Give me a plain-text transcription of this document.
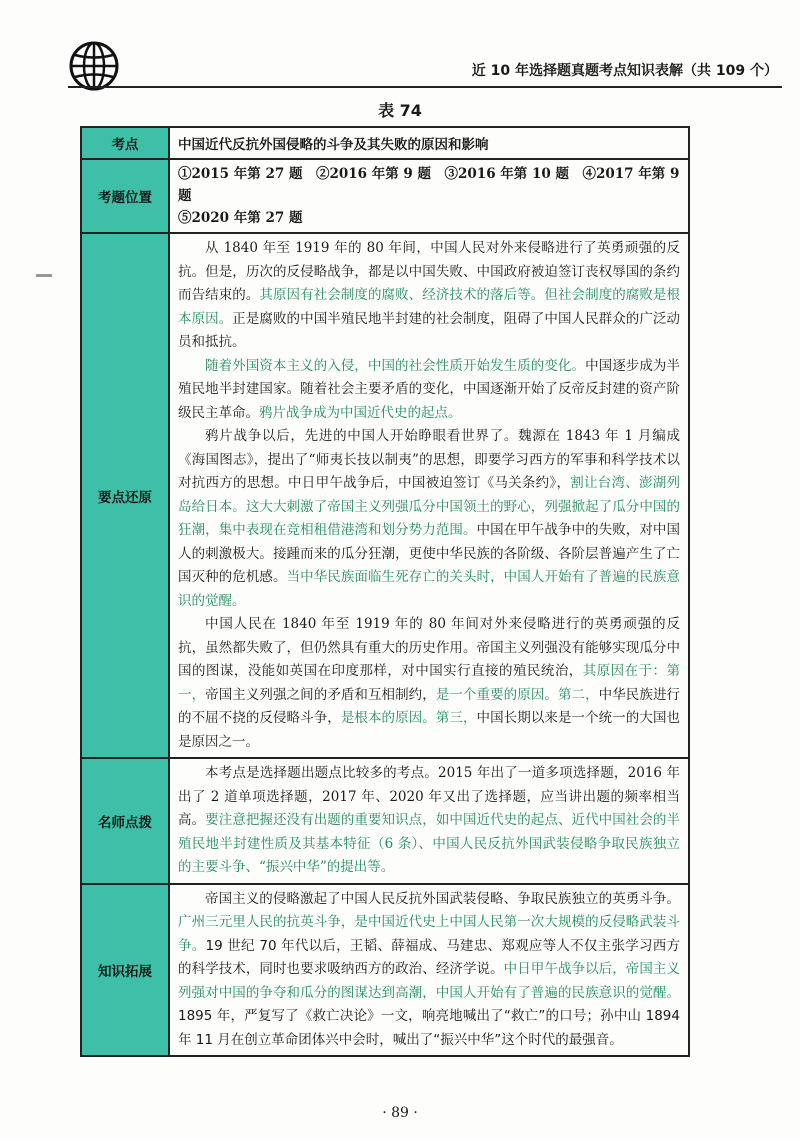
近 10 年选择题真题考点知识表解（共 109 个）
表 74
考点	中国近代反抗外国侵略的斗争及其失败的原因和影响
考题位置	①2015 年第 27 题　②2016 年第 9 题　③2016 年第 10 题　④2017 年第 9 题
⑤2020 年第 27 题

要点还原	从 1840 年至 1919 年的 80 年间，中国人民对外来侵略进行了英勇顽强的反抗。但是，历次的反侵略战争，都是以中国失败、中国政府被迫签订丧权辱国的条约而告结束的。其原因有社会制度的腐败、经济技术的落后等。但社会制度的腐败是根本原因。正是腐败的中国半殖民地半封建的社会制度，阻碍了中国人民群众的广泛动员和抵抗。

随着外国资本主义的入侵，中国的社会性质开始发生质的变化。中国逐步成为半殖民地半封建国家。随着社会主要矛盾的变化，中国逐渐开始了反帝反封建的资产阶级民主革命。鸦片战争成为中国近代史的起点。

鸦片战争以后，先进的中国人开始睁眼看世界了。魏源在 1843 年 1 月编成《海国图志》，提出了“师夷长技以制夷”的思想，即要学习西方的军事和科学技术以对抗西方的思想。中日甲午战争后，中国被迫签订《马关条约》，割让台湾、澎湖列岛给日本。这大大刺激了帝国主义列强瓜分中国领土的野心，列强掀起了瓜分中国的狂潮，集中表现在竞相租借港湾和划分势力范围。中国在甲午战争中的失败，对中国人的刺激极大。接踵而来的瓜分狂潮，更使中华民族的各阶级、各阶层普遍产生了亡国灭种的危机感。当中华民族面临生死存亡的关头时，中国人开始有了普遍的民族意识的觉醒。

中国人民在 1840 年至 1919 年的 80 年间对外来侵略进行的英勇顽强的反抗，虽然都失败了，但仍然具有重大的历史作用。帝国主义列强没有能够实现瓜分中国的图谋，没能如英国在印度那样，对中国实行直接的殖民统治，其原因在于：第一，帝国主义列强之间的矛盾和互相制约，是一个重要的原因。第二，中华民族进行的不屈不挠的反侵略斗争，是根本的原因。第三，中国长期以来是一个统一的大国也是原因之一。

名师点拨	本考点是选择题出题点比较多的考点。2015 年出了一道多项选择题，2016 年出了 2 道单项选择题，2017 年、2020 年又出了选择题，应当讲出题的频率相当高。要注意把握还没有出题的重要知识点，如中国近代史的起点、近代中国社会的半殖民地半封建性质及其基本特征（6 条）、中国人民反抗外国武装侵略争取民族独立的主要斗争、“振兴中华”的提出等。

知识拓展	帝国主义的侵略激起了中国人民反抗外国武装侵略、争取民族独立的英勇斗争。广州三元里人民的抗英斗争，是中国近代史上中国人民第一次大规模的反侵略武装斗争。19 世纪 70 年代以后，王韬、薛福成、马建忠、郑观应等人不仅主张学习西方的科学技术，同时也要求吸纳西方的政治、经济学说。中日甲午战争以后，帝国主义列强对中国的争夺和瓜分的图谋达到高潮，中国人开始有了普遍的民族意识的觉醒。1895 年，严复写了《救亡决论》一文，响亮地喊出了“救亡”的口号；孙中山 1894 年 11 月在创立革命团体兴中会时，喊出了“振兴中华”这个时代的最强音。

· 89 ·
